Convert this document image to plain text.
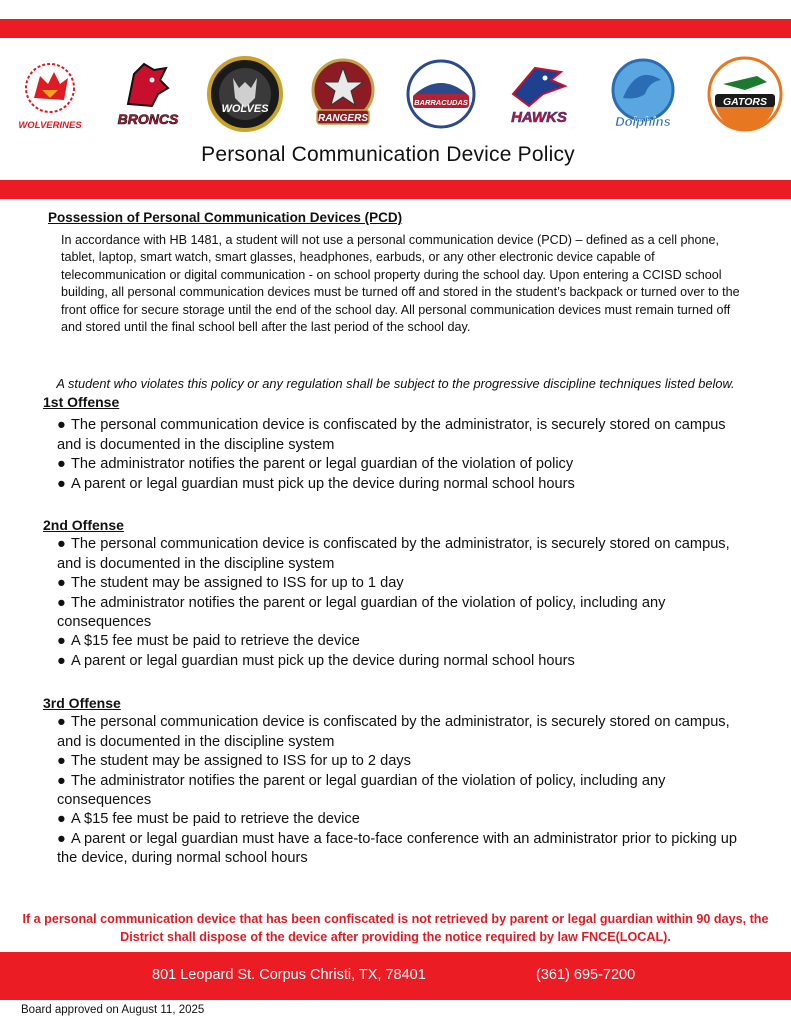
WOLVERINES	BRONCS
WOLVES
RANGERS
BARRACUDAS
HAWKS	Dolphins
GATORS
Personal Communication Device Policy
Possession of Personal Communication Devices (PCD)
In accordance with HB 1481, a student will not use a personal communication device (PCD) – defined as a cell phone, tablet, laptop, smart watch, smart glasses, headphones, earbuds, or any other electronic device capable of telecommunication or digital communication - on school property during the school day. Upon entering a CCISD school building, all personal communication devices must be turned off and stored in the student’s backpack or turned over to the front office for secure storage until the end of the school day. All personal communication devices must remain turned off and stored until the final school bell after the last period of the school day.
A student who violates this policy or any regulation shall be subject to the progressive discipline techniques listed below.
1st Offense
● The personal communication device is confiscated by the administrator, is securely stored on campus and is documented in the discipline system
● The administrator notifies the parent or legal guardian of the violation of policy
● A parent or legal guardian must pick up the device during normal school hours
2nd Offense
● The personal communication device is confiscated by the administrator, is securely stored on campus, and is documented in the discipline system
● The student may be assigned to ISS for up to 1 day
● The administrator notifies the parent or legal guardian of the violation of policy, including any consequences
● A $15 fee must be paid to retrieve the device
● A parent or legal guardian must pick up the device during normal school hours
3rd Offense
● The personal communication device is confiscated by the administrator, is securely stored on campus, and is documented in the discipline system
● The student may be assigned to ISS for up to 2 days
● The administrator notifies the parent or legal guardian of the violation of policy, including any consequences
● A $15 fee must be paid to retrieve the device
● A parent or legal guardian must have a face-to-face conference with an administrator prior to picking up the device, during normal school hours
If a personal communication device that has been confiscated is not retrieved by parent or legal guardian within 90 days, the District shall dispose of the device after providing the notice required by law FNCE(LOCAL).
801 Leopard St. Corpus Christi, TX, 78401	(361) 695-7200
Board approved on August 11, 2025
